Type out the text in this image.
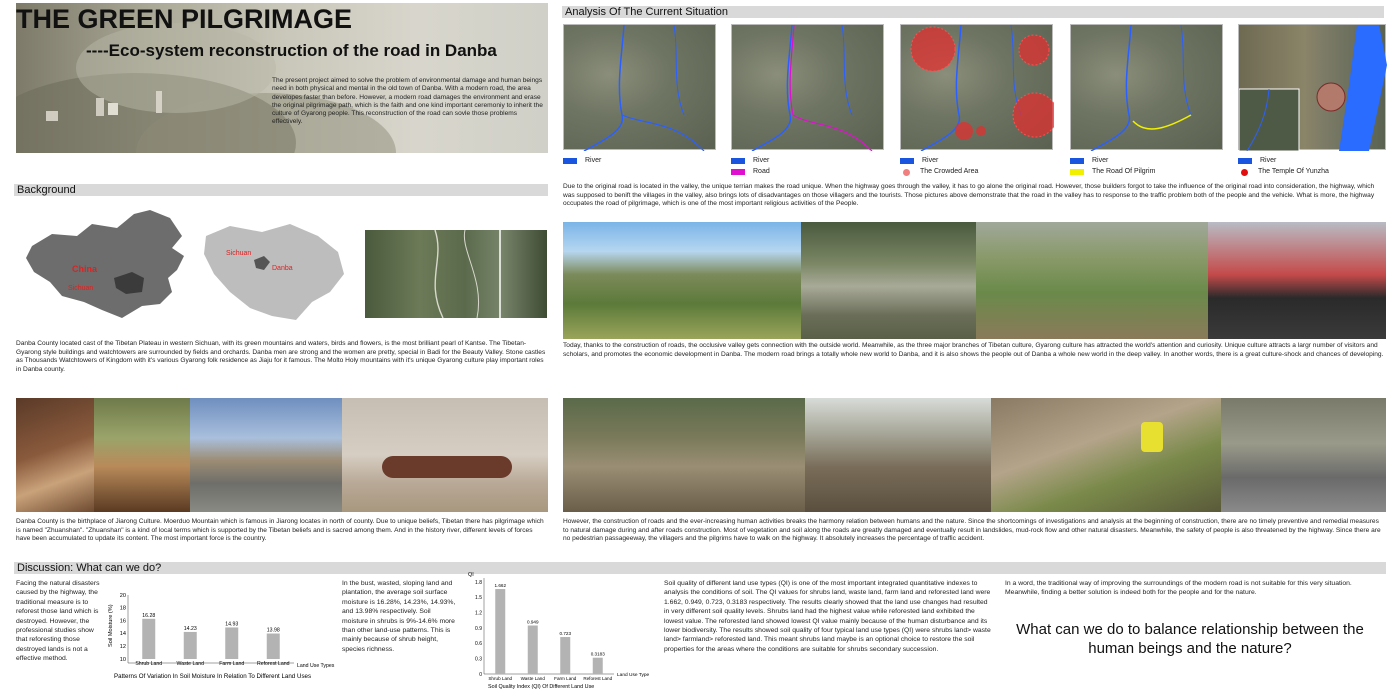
THE GREEN PILGRIMAGE
----Eco-system reconstruction of the road in Danba
The present project aimed to solve the problem of environmental damage and human beings need in both physical and mental in the old town of Danba. With a modern road, the area developes faster than before. However, a modern road damages the environment and erase the original pilgrimage path, which is the faith and one kind important ceremoniy to inherit the culture of Gyarong people. This reconstruction of the road can sovle those problems effectively.
Background
China
Sichuan
Sichuan
Danba
Danba County located cast of the Tibetan Plateau in western Sichuan, with its green mountains and waters, birds and flowers, is the most brilliant pearl of Kantse. The Tibetan-Gyarong style buildings and watchtowers are surrounded by fields and orchards. Danba men are strong and the women are pretty, special in Badi for the Beauty Valley. Stone castles as Thousands Watchtowers of Kingdom with it's various Gyarong folk residence as Jiaju for it famous. The Molto Holy mountains with it's unique Gyarong culture play important roles in Danba county.
Danba County is the birthplace of Jiarong Culture. Moerduo Mountain which is famous in Jiarong locates in north of county. Due to unique beliefs, Tibetan there has pilgrimage which is named "Zhuanshan". "Zhuanshan" is a kind of local terms which is supported by the Tibetan beliefs and is sacred among them. And in the history river, different levels of forces have been accumulated to update its content. The most important force is the country.
Analysis Of The Current Situation
River	River
Road
River
The Crowded Area
River
The Road Of Pilgrim
River
The Temple Of Yunzha
Due to the original road is located in the valley, the unique terrian makes the road unique. When the highway goes through the valley, it has to go alone the original road. However, those builders forgot to take the influence of the original road into consideration, the highway, which was supposed to benift the villages in the valley, also brings lots of disadvantages on those villagers and the tourists. Those pictures above demonstrate that the road in the valley has to response to the traffic problem both of the people and the vehicle. What is more, the highway occupates the road of pilgrimage, which is one of the most important religious activities of the People.
Today, thanks to the construction of roads, the occlusive valley gets connection with the outside world. Meanwhile, as the three major branches of Tibetan culture, Gyarong culture has attracted the world's attention and curiosity. Unique culture attracts a largr number of visitors and scholars, and promotes the economic development in Danba. The modern road brings a totally whole new world to Danba, and it is also shows the people out of Danba a whole new world in the deep valley. In another words, there is a great culture-shock and chances of developing.
However, the construction of roads and the ever-increasing human activities breaks the harmony relation between humans and the nature. Since the shortcomings of investigations and analysis at the beginning of construction, there are no timely preventive and remedial measures to natural damage during and after roads construction. Most of vegetation and soil along the roads are greatly damaged and eventually result in landslides, mud-rock flow and other natural disasters. Meanwhile, the safety of people is also threatened by the highway. Since there are no pedestrian passageeway, the villagers and the pilgrims have to walk on the highway. It absolutely increases the percentage of traffic accident.
Discussion: What can we do?
Facing the natural disasters caused by the highway, the traditional measure is to reforest those land which is destroyed. However, the professional studies show that reforesting those destroyed lands is not a effective method.
Soil Moisture (%)
10
12
14
16
18
20
16.28
Shrub Land
14.23
Waste Land
14.93
Farm Land
13.98
Reforest Land Land Use Types
Patterns Of Variation In Soil Moisture In Relation To Different Land Uses
In the bust, wasted, sloping land and plantation, the average soil surface moisture is 16.28%, 14.23%, 14.93%, and 13.98% respectively. Soil moisture in shrubs is 9%-14.6% more than other land-use patterns. This is mainly because of shrub height, species richness.
QI
0
0.3
0.6
0.9
1.2
1.5
1.8	1.662
Shrub Land
0.949
Waste Land
0.723
Farm Land
0.3183
Reforest Land
Land Use Type
Soil Quality Index (QI) Of Different Land Use
Soil quality of different land use types (QI) is one of the most important integrated quantitative indexes to analysis the conditions of soil. The QI values for shrubs land, waste land, farm land and reforested land were 1.662, 0.949, 0.723, 0.3183 respectively. The results clearly showed that the land use changes had resulted in very different soil quality levels. Shrubs land had the highest value while reforested land exhibited the lowest value. The reforested land showed lowest QI value mainly because of the human disturbance and its lower biodiversity. The results showed soil quality of four typical land use types (QI) were shrubs land> waste land> farmland> reforested land. This meant shrubs land maybe is an optional choice to restore the soil properties for the areas where the conditions are suitable for shrubs secondary succession.
In a word, the traditional way of improving the surroundings of the modern road is not suitable for this very situation. Meanwhile, finding a better solution is indeed both for the people and for the nature.
What can we do to balance relationship between the human beings and the nature?
